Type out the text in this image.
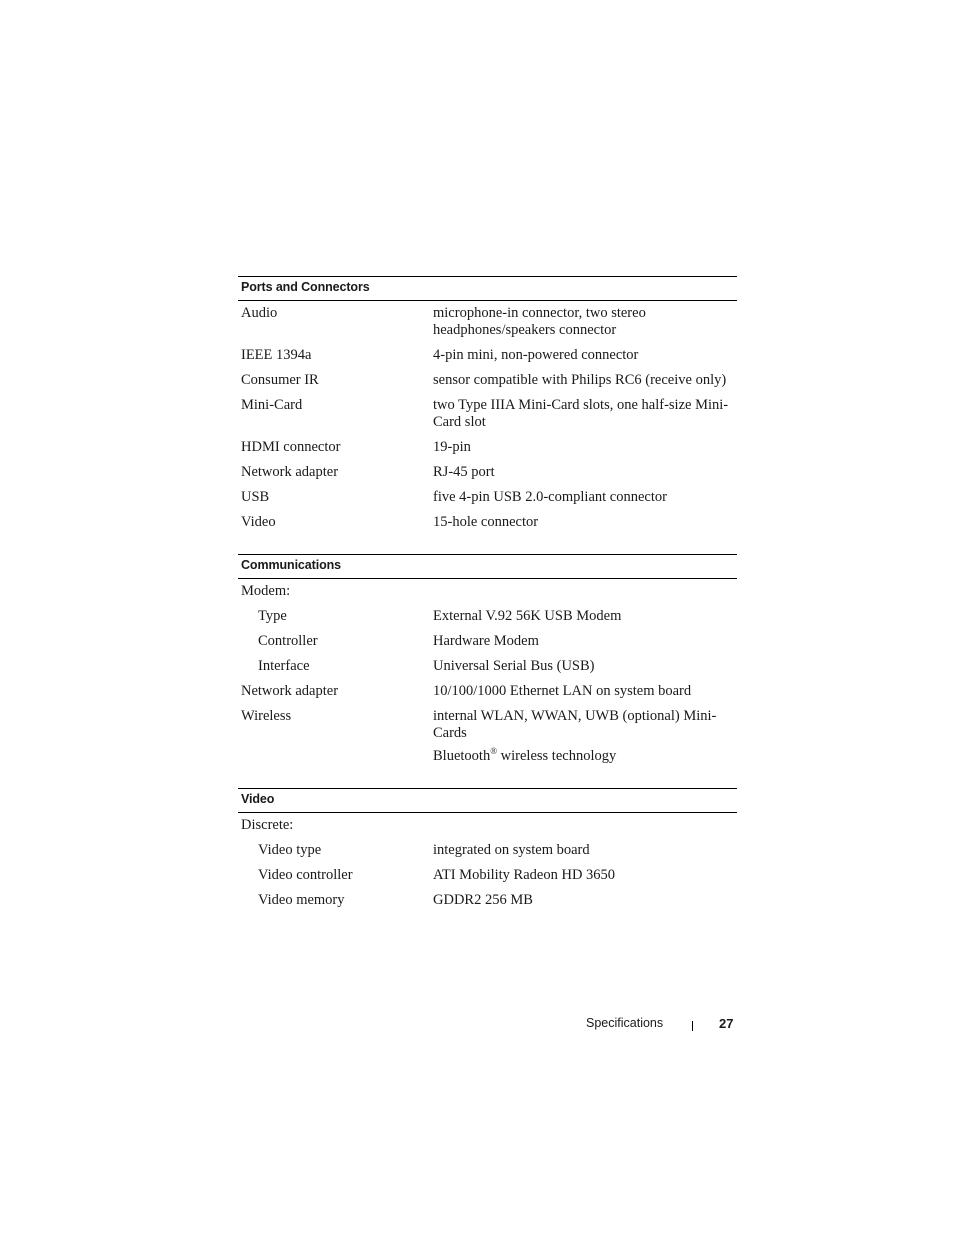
Ports and Connectors
Audio	microphone-in connector, two stereo headphones/speakers connector
IEEE 1394a	4-pin mini, non-powered connector
Consumer IR	sensor compatible with Philips RC6 (receive only)
Mini-Card	two Type IIIA Mini-Card slots, one half-size Mini-Card slot
HDMI connector	19-pin
Network adapter	RJ-45 port
USB	five 4-pin USB 2.0-compliant connector
Video	15-hole connector
Communications
Modem:
Type	External V.92 56K USB Modem
Controller	Hardware Modem
Interface	Universal Serial Bus (USB)
Network adapter	10/100/1000 Ethernet LAN on system board
Wireless	internal WLAN, WWAN, UWB (optional) Mini-Cards
Bluetooth® wireless technology
Video
Discrete:
Video type	integrated on system board
Video controller	ATI Mobility Radeon HD 3650
Video memory	GDDR2 256 MB
Specifications	27
